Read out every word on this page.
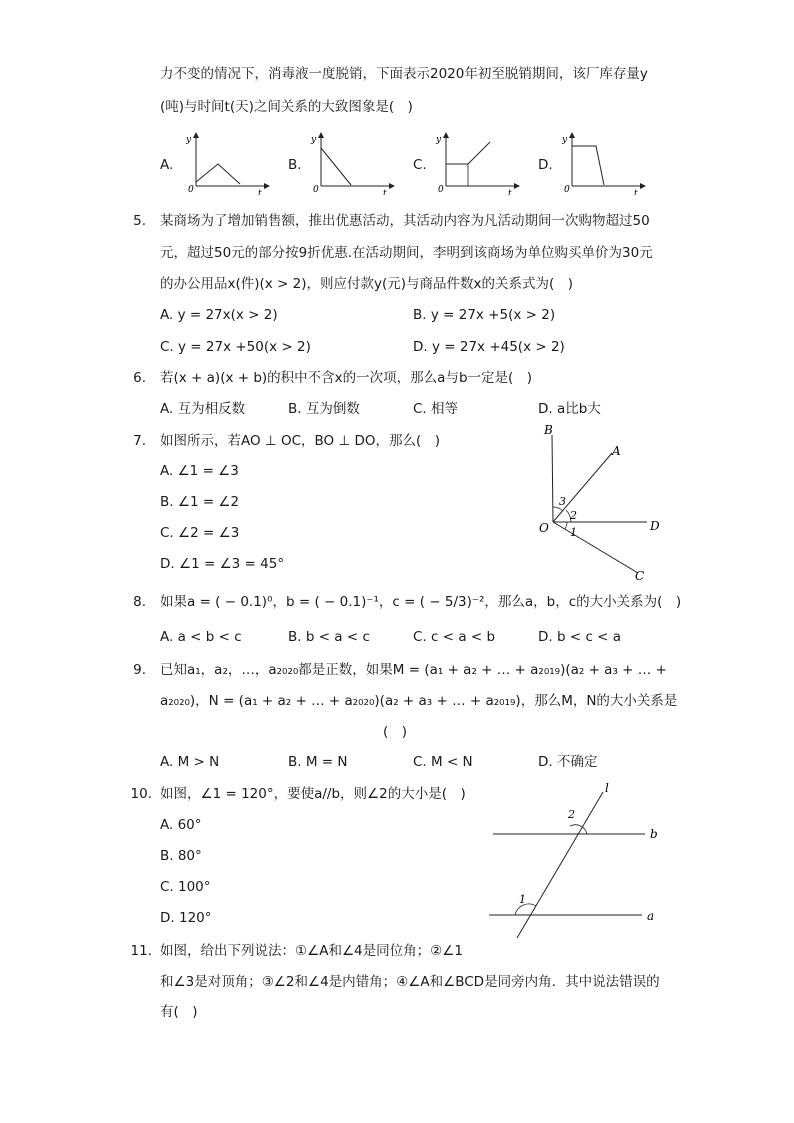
力不变的情况下，消毒液一度脱销，下面表示2020年初至脱销期间，该厂库存量y
(吨)与时间t(天)之间关系的大致图象是(　)
A.	B.	C.	D.
y
t
0
y
t
0
y
t
0
y
t
0
5. 某商场为了增加销售额，推出优惠活动，其活动内容为凡活动期间一次购物超过50
元，超过50元的部分按9折优惠.在活动期间，李明到该商场为单位购买单价为30元
的办公用品x(件)(x > 2)，则应付款y(元)与商品件数x的关系式为(　)
A. y = 27x(x > 2)	B. y = 27x +5(x > 2)
C. y = 27x +50(x > 2)	D. y = 27x +45(x > 2)
6. 若(x + a)(x + b)的积中不含x的一次项，那么a与b一定是(　)
A. 互为相反数	B. 互为倒数	C. 相等	D. a比b大
7. 如图所示，若AO ⊥ OC，BO ⊥ DO，那么(　)
A. ∠1 = ∠3
B. ∠1 = ∠2
C. ∠2 = ∠3
D. ∠1 = ∠3 = 45°
B
A
O	D
C
3
2
1
8. 如果a = ( − 0.1)⁰，b = ( − 0.1)⁻¹，c = ( − 5/3)⁻²，那么a，b，c的大小关系为(　)
A. a < b < c	B. b < a < c	C. c < a < b	D. b < c < a
9. 已知a₁，a₂，…，a₂₀₂₀都是正数，如果M = (a₁ + a₂ + … + a₂₀₁₉)(a₂ + a₃ + … +
a₂₀₂₀)，N = (a₁ + a₂ + … + a₂₀₂₀)(a₂ + a₃ + … + a₂₀₁₉)，那么M，N的大小关系是
(　)
A. M > N	B. M = N	C. M < N	D. 不确定
10. 如图，∠1 = 120°，要使a//b，则∠2的大小是(　)
A. 60°
B. 80°
C. 100°
D. 120°
l
b
a
1
2
11. 如图，给出下列说法：①∠A和∠4是同位角；②∠1
和∠3是对顶角；③∠2和∠4是内错角；④∠A和∠BCD是同旁内角．其中说法错误的
有(　)
